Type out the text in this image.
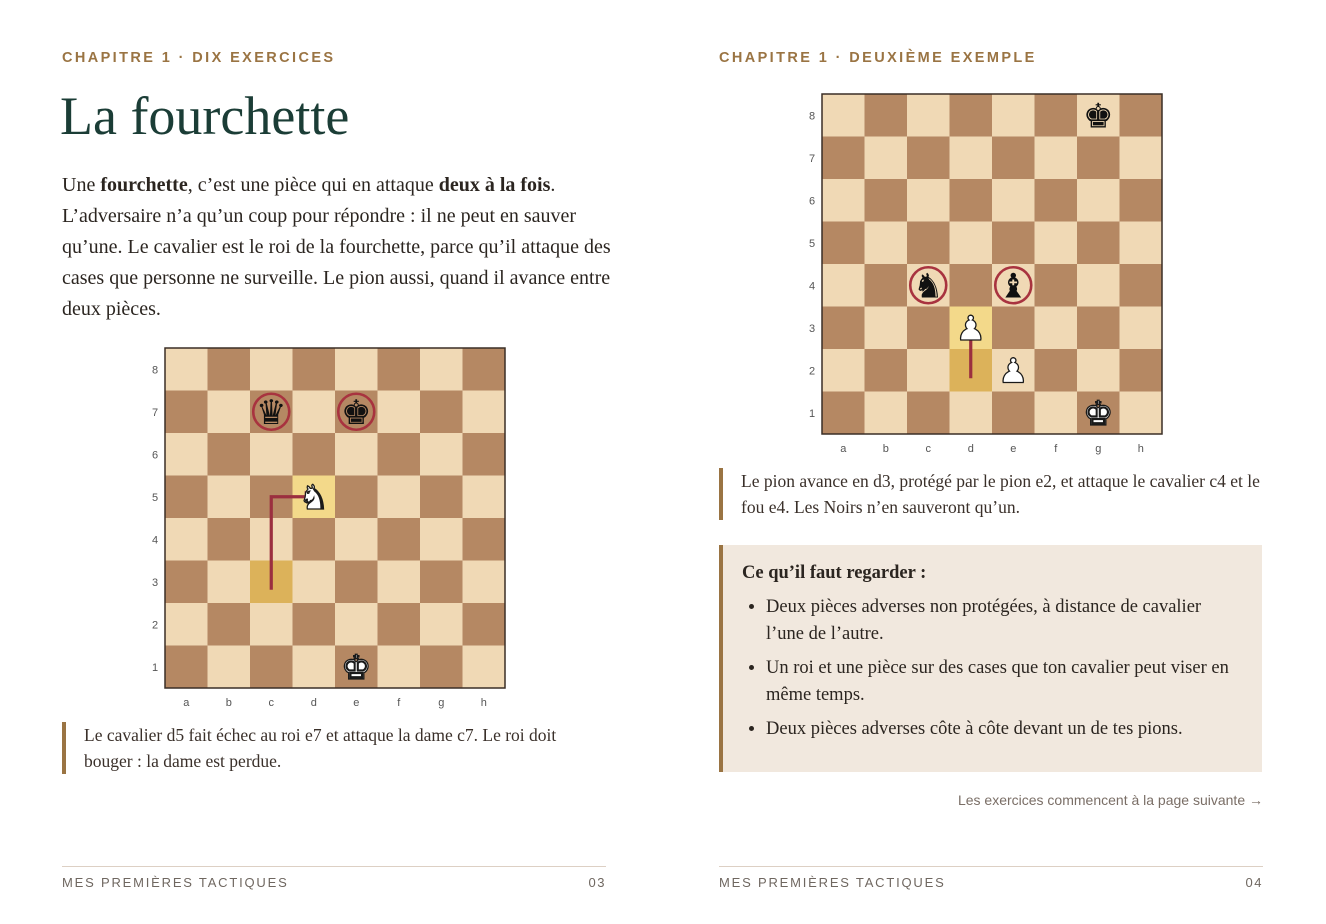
CHAPITRE 1 · DIX EXERCICES
La fourchette

Une fourchette, c’est une pièce qui en attaque deux à la fois. L’adversaire n’a qu’un coup pour répondre : il ne peut en sauver qu’une. Le cavalier est le roi de la fourchette, parce qu’il attaque des cases que personne ne surveille. Le pion aussi, quand il avance entre deux pièces.

8
7
6
5
4
3
2
1
a	b	c	d	e	f	g	h
♛ ♚
♞
♚
Le cavalier d5 fait échec au roi e7 et attaque la dame c7. Le roi doit bouger : la dame est perdue.
MES PREMIÈRES TACTIQUES	03
CHAPITRE 1 · DEUXIÈME EXEMPLE
8
7
6
5
4
3
2
1
a	b	c	d	e	f	g	h
♚
♞ ♝
♟
♟
♚
Le pion avance en d3, protégé par le pion e2, et attaque le cavalier c4 et le fou e4. Les Noirs n’en sauveront qu’un.
Ce qu’il faut regarder :
• Deux pièces adverses non protégées, à distance de cavalier l’une de l’autre.
• Un roi et une pièce sur des cases que ton cavalier peut viser en même temps.
• Deux pièces adverses côte à côte devant un de tes pions.
Les exercices commencent à la page suivante →
MES PREMIÈRES TACTIQUES	04
